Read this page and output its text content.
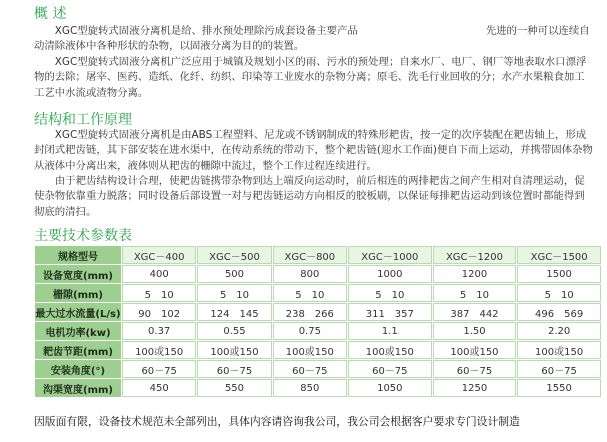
概 述

XGC型旋转式固液分离机是给、排水预处理除污成套设备主要产品	先进的一种可以连续自动清除液体中各种形状的杂物，以固液分离为目的的装置。

XGC型旋转式固液分离机广泛应用于城镇及规划小区的雨、污水的预处理；自来水厂、电厂、钢厂等地表取水口漂浮物的去除；屠宰、医药、造纸、化纤、纺织、印染等工业废水的杂物分离；原毛、洗毛行业回收的分；水产水果粮食加工工艺中水流或渣物分离。

结构和工作原理

XGC型旋转式固液分离机是由ABS工程塑料、尼龙或不锈钢制成的特殊形耙齿，按一定的次序装配在耙齿轴上，形成封闭式耙齿链，其下部安装在进水渠中，在传动系统的带动下，整个耙齿链(迎水工作面)便自下而上运动，并携带固体杂物从液体中分离出来，液体则从耙齿的栅隙中流过，整个工作过程连续进行。

由于耙齿结构设计合理，使耙齿链携带杂物到达上端反向运动时，前后相连的两排耙齿之间产生相对自清理运动，促使杂物依靠重力脱落；同时设备后部设置一对与耙齿链运动方向相反的胶板刷，以保证每排耙齿运动到该位置时都能得到彻底的清扫。

主要技术参数表
规格型号	XGC－400	XGC－500	XGC－800	XGC－1000	XGC－1200	XGC－1500
设备宽度(mm)	400	500	800	1000	1200	1500
栅隙(mm)	5　10	5　10	5　10	5　10	5　10	5　10
最大过水流量(L/s)	90　102	124　145	238　266	311　357	387　442	496　569
电机功率(kw)	0.37	0.55	0.75	1.1	1.50	2.20
耙齿节距(mm)	100或150	100或150	100或150	100或150	100或150	100或150
安装角度(°)	60－75	60－75	60－75	60－75	60－75	60－75
沟渠宽度(mm)	450	550	850	1050	1250	1550

因版面有限，设备技术规范未全部列出，具体内容请咨询我公司，我公司会根据客户要求专门设计制造
